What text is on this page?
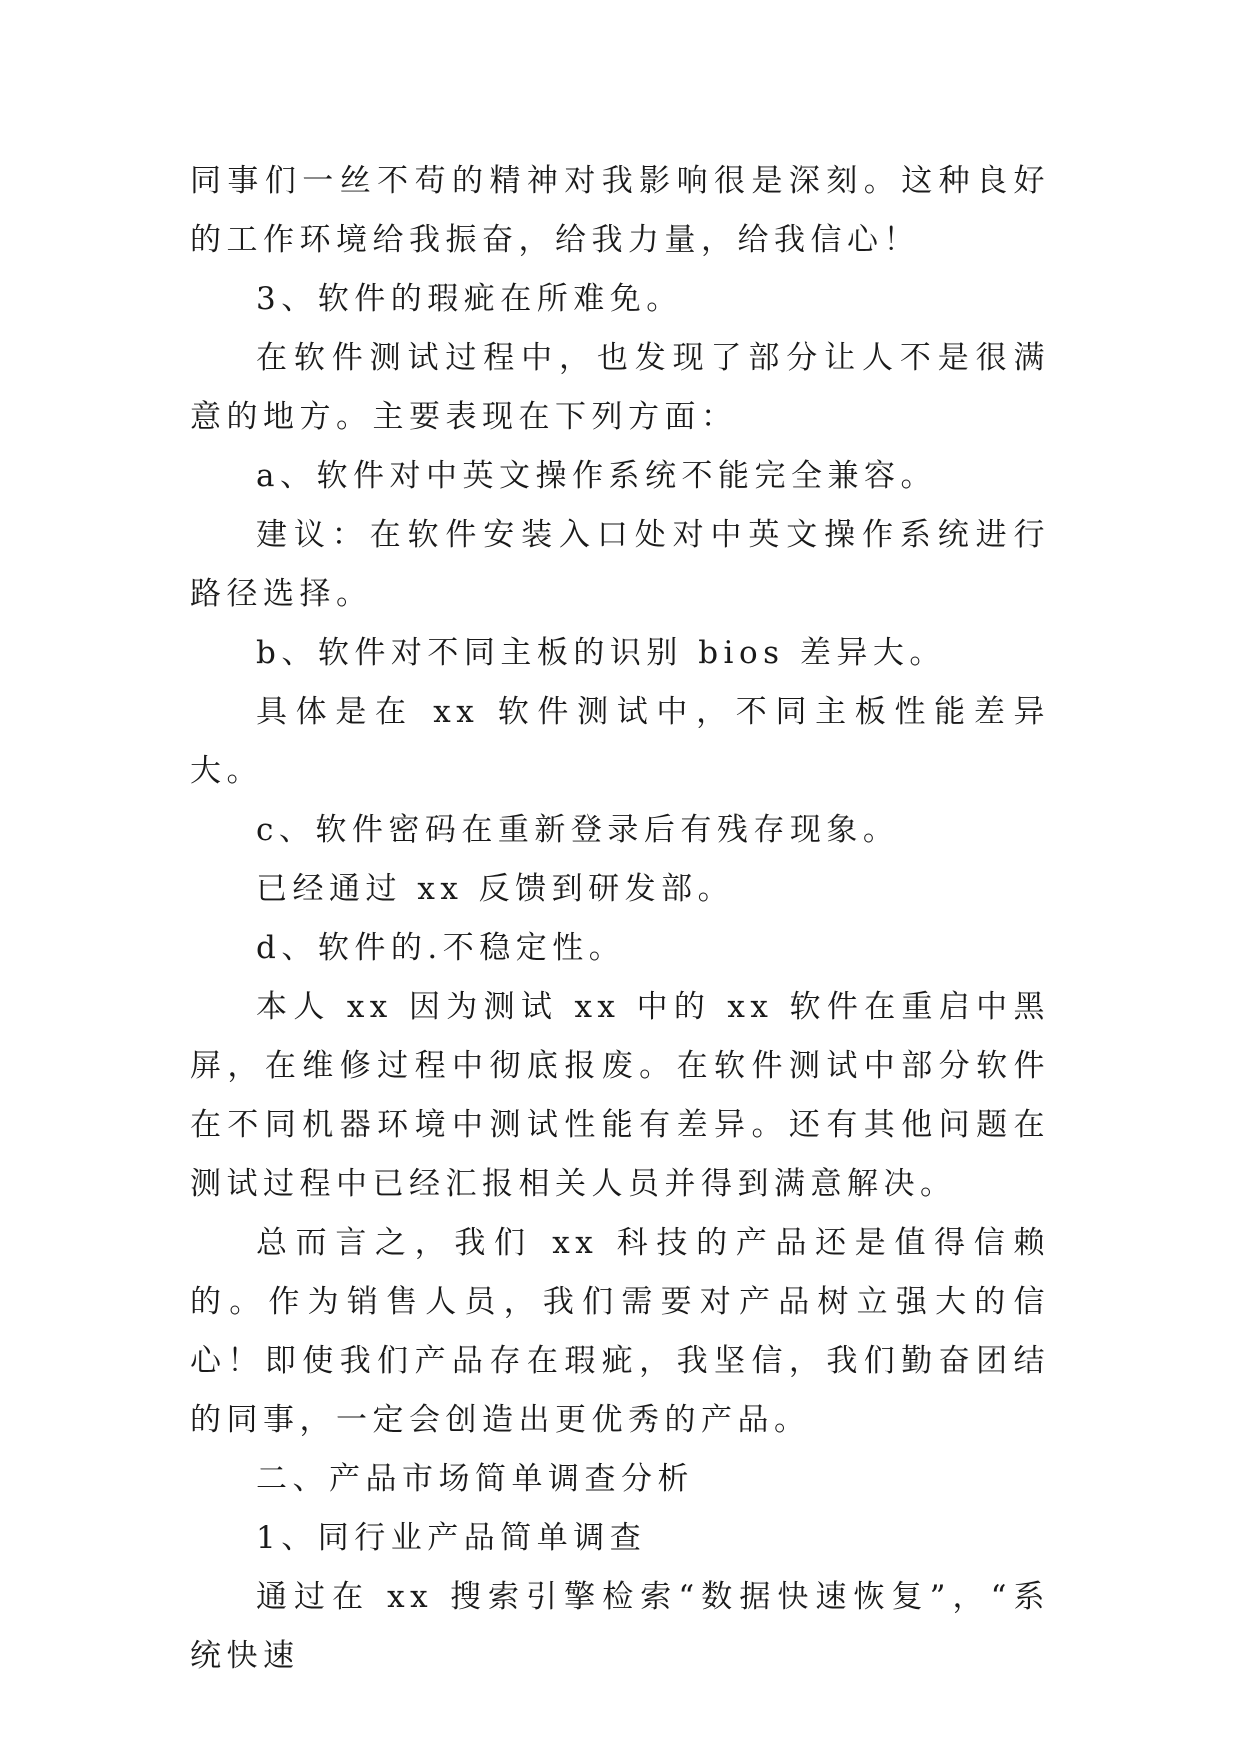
同事们一丝不苟的精神对我影响很是深刻。这种良好的工作环境给我振奋，给我力量，给我信心！

3、软件的瑕疵在所难免。

在软件测试过程中，也发现了部分让人不是很满意的地方。主要表现在下列方面：

a、软件对中英文操作系统不能完全兼容。

建议：在软件安装入口处对中英文操作系统进行路径选择。

b、软件对不同主板的识别 bios 差异大。

具体是在 xx 软件测试中，不同主板性能差异大。

c、软件密码在重新登录后有残存现象。

已经通过 xx 反馈到研发部。

d、软件的.不稳定性。

本人 xx 因为测试 xx 中的 xx 软件在重启中黑屏，在维修过程中彻底报废。在软件测试中部分软件在不同机器环境中测试性能有差异。还有其他问题在测试过程中已经汇报相关人员并得到满意解决。

总而言之，我们 xx 科技的产品还是值得信赖的。作为销售人员，我们需要对产品树立强大的信心！即使我们产品存在瑕疵，我坚信，我们勤奋团结的同事，一定会创造出更优秀的产品。

二、产品市场简单调查分析

1、同行业产品简单调查

通过在 xx 搜索引擎检索“数据快速恢复”，“系统快速
